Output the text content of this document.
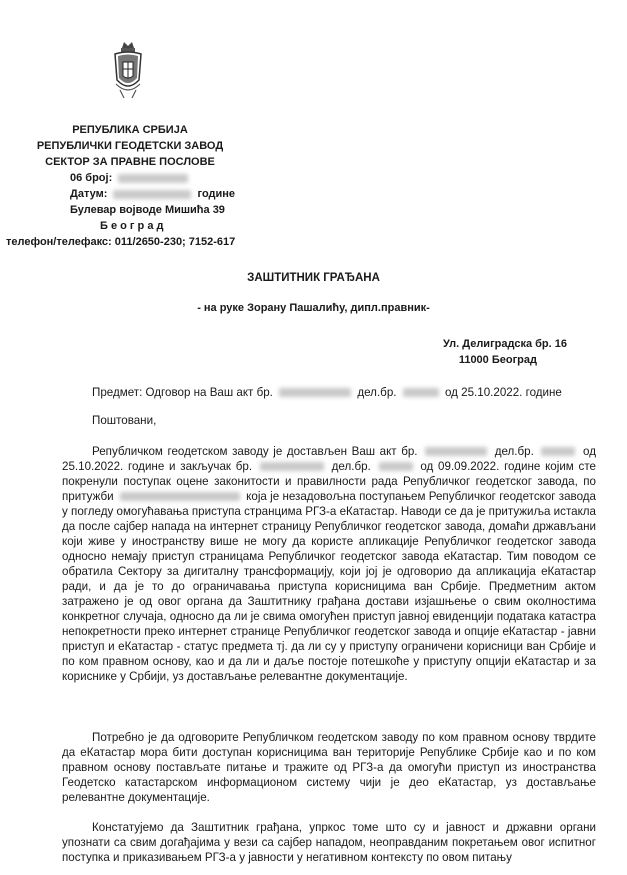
РЕПУБЛИКА СРБИЈА
РЕПУБЛИЧКИ ГЕОДЕТСКИ ЗАВОД
СЕКТОР ЗА ПРАВНЕ ПОСЛОВЕ
06 број:
Датум:	године
Булевар војводе Мишића 39
Б е о г р а д
телефон/телефакс: 011/2650-230; 7152-617
ЗАШТИТНИК ГРАЂАНА
- на руке Зорану Пашалићу, дипл.правник-
Ул. Делиградска бр. 16
11000 Београд
Предмет: Одговор на Ваш акт бр.	дел.бр.	од 25.10.2022. године
Поштовани,
Републичком геодетском заводу је достављен Ваш акт бр.	дел.бр.	од 25.10.2022. године и закључак бр.	дел.бр.	од 09.09.2022. године којим сте покренули поступак оцене законитости и правилности рада Републичког геодетског завода, по притужби	која је незадовољна поступањем Републичког геодетског завода у погледу омогућавања приступа странцима РГЗ-а еКатастар. Наводи се да је притужиља истакла да после сајбер напада на интернет страницу Републичког геодетског завода, домаћи држављани који живе у иностранству више не могу да користе апликације Републичког геодетског завода односно немају приступ страницама Републичког геодетског завода еКатастар. Тим поводом се обратила Сектору за дигиталну трансформацију, који јој је одговорио да апликација еКатастар ради, и да је то до ограничавања приступа корисницима ван Србије. Предметним актом затражено је од овог органа да Заштитнику грађана достави изјашњење о свим околностима конкретног случаја, односно да ли је свима омогућен приступ јавној евиденцији података катастра непокретности преко интернет странице Републичког геодетског завода и опције еКатастар - јавни приступ и еКатастар - статус предмета тј. да ли су у приступу ограничени корисници ван Србије и по ком правном основу, као и да ли и даље постоје потешкоће у приступу опцији еКатастар и за кориснике у Србији, уз достављање релевантне документације.
Потребно је да одговорите Републичком геодетском заводу по ком правном основу тврдите да еКатастар мора бити доступан корисницима ван територије Републике Србије као и по ком правном основу постављате питање и тражите од РГЗ-а да омогући приступ из иностранства Геодетско катастарском информационом систему чији је део еКатастар, уз достављање релевантне документације.
Констатујемо да Заштитник грађана, упркос томе што су и јавност и државни органи упознати са свим догађајима у вези са сајбер нападом, неоправданим покретањем овог испитног поступка и приказивањем РГЗ-а у јавности у негативном контексту по овом питању
